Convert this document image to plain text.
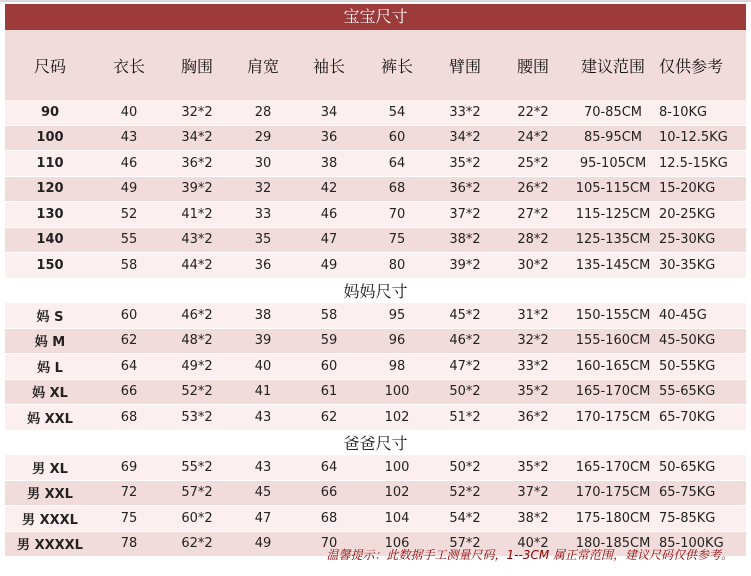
宝宝尺寸
尺码	衣长	胸围	肩宽	袖长	裤长	臂围	腰围	建议范围 仅供参考
90	40	32*2	28	34	54	33*2	22*2	70-85CM	8-10KG
100	43	34*2	29	36	60	34*2	24*2	85-95CM	10-12.5KG
110	46	36*2	30	38	64	35*2	25*2	95-105CM 12.5-15KG
120	49	39*2	32	42	68	36*2	26*2	105-115CM 15-20KG
130	52	41*2	33	46	70	37*2	27*2	115-125CM 20-25KG
140	55	43*2	35	47	75	38*2	28*2	125-135CM 25-30KG
150	58	44*2	36	49	80	39*2	30*2	135-145CM 30-35KG
妈妈尺寸
妈 S	60	46*2	38	58	95	45*2	31*2	150-155CM 40-45G
妈 M	62	48*2	39	59	96	46*2	32*2	155-160CM 45-50KG
妈 L	64	49*2	40	60	98	47*2	33*2	160-165CM 50-55KG
妈 XL	66	52*2	41	61	100	50*2	35*2	165-170CM 55-65KG
妈 XXL	68	53*2	43	62	102	51*2	36*2	170-175CM 65-70KG
爸爸尺寸
男 XL	69	55*2	43	64	100	50*2	35*2	165-170CM 50-65KG
男 XXL	72	57*2	45	66	102	52*2	37*2	170-175CM 65-75KG
男 XXXL	75	60*2	47	68	104	54*2	38*2	175-180CM 75-85KG
男 XXXXL	78	62*2	49	70	106	57*2	40*2	180-185CM 85-100KG
温馨提示：此数据手工测量尺码，1--3CM 属正常范围，建议尺码仅供参考。
